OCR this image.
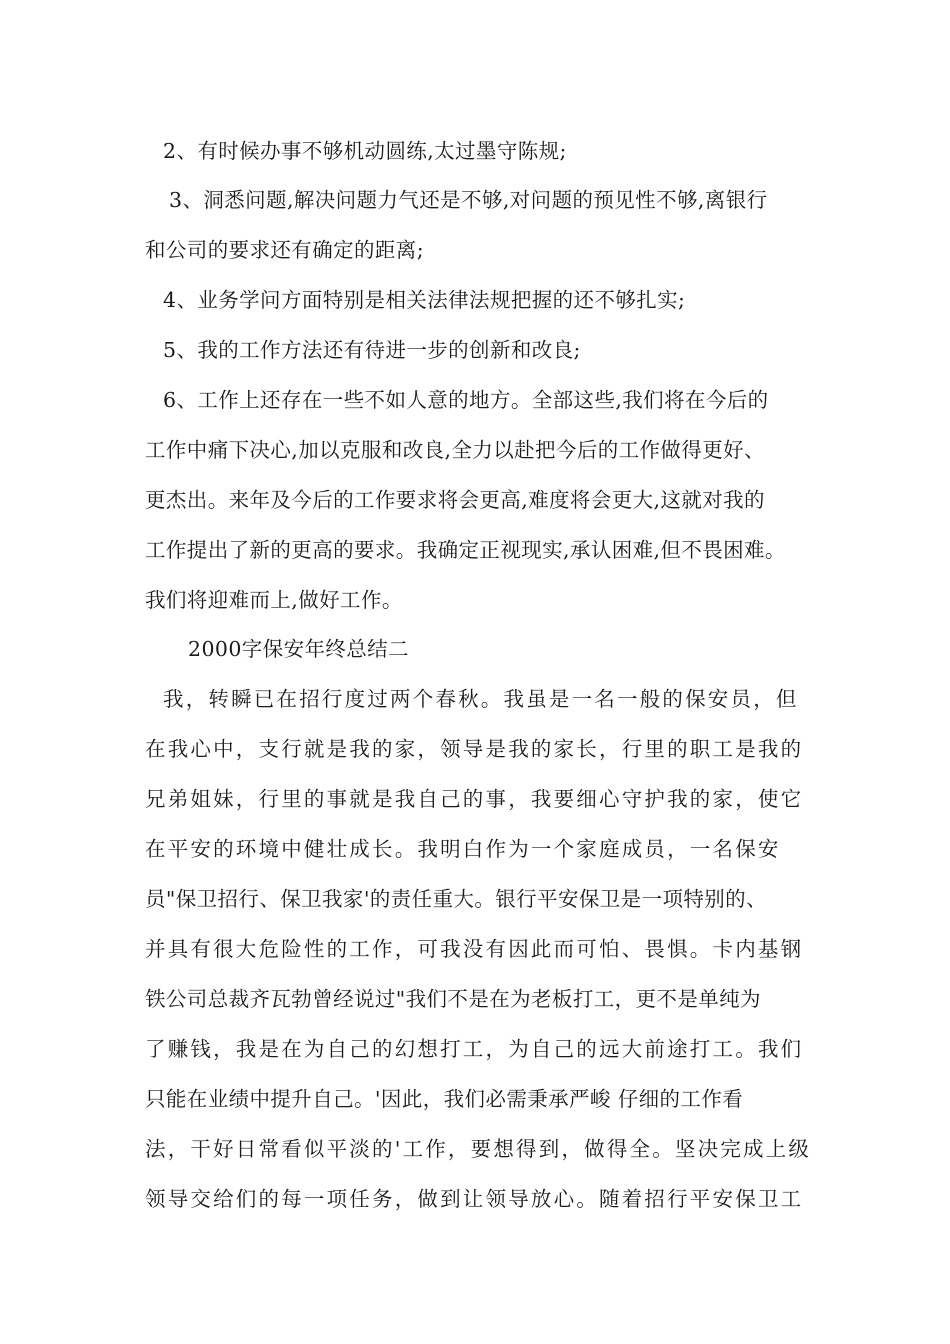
2、有时候办事不够机动圆练,太过墨守陈规;
3、洞悉问题,解决问题力气还是不够,对问题的预见性不够,离银行
和公司的要求还有确定的距离;
4、业务学问方面特别是相关法律法规把握的还不够扎实;
5、我的工作方法还有待进一步的创新和改良;
6、工作上还存在一些不如人意的地方。全部这些,我们将在今后的
工作中痛下决心,加以克服和改良,全力以赴把今后的工作做得更好、
更杰出。来年及今后的工作要求将会更高,难度将会更大,这就对我的
工作提出了新的更高的要求。我确定正视现实,承认困难,但不畏困难。
我们将迎难而上,做好工作。
2000字保安年终总结二
我，转瞬已在招行度过两个春秋。我虽是一名一般的保安员，但
在我心中，支行就是我的家，领导是我的家长，行里的职工是我的
兄弟姐妹，行里的事就是我自己的事，我要细心守护我的家，使它
在平安的环境中健壮成长。我明白作为一个家庭成员，一名保安
员"保卫招行、保卫我家'的责任重大。银行平安保卫是一项特别的、
并具有很大危险性的工作，可我没有因此而可怕、畏惧。卡内基钢
铁公司总裁齐瓦勃曾经说过"我们不是在为老板打工，更不是单纯为
了赚钱，我是在为自己的幻想打工，为自己的远大前途打工。我们
只能在业绩中提升自己。'因此，我们必需秉承严峻 仔细的工作看
法，干好日常看似平淡的'工作，要想得到，做得全。坚决完成上级
领导交给们的每一项任务，做到让领导放心。随着招行平安保卫工
